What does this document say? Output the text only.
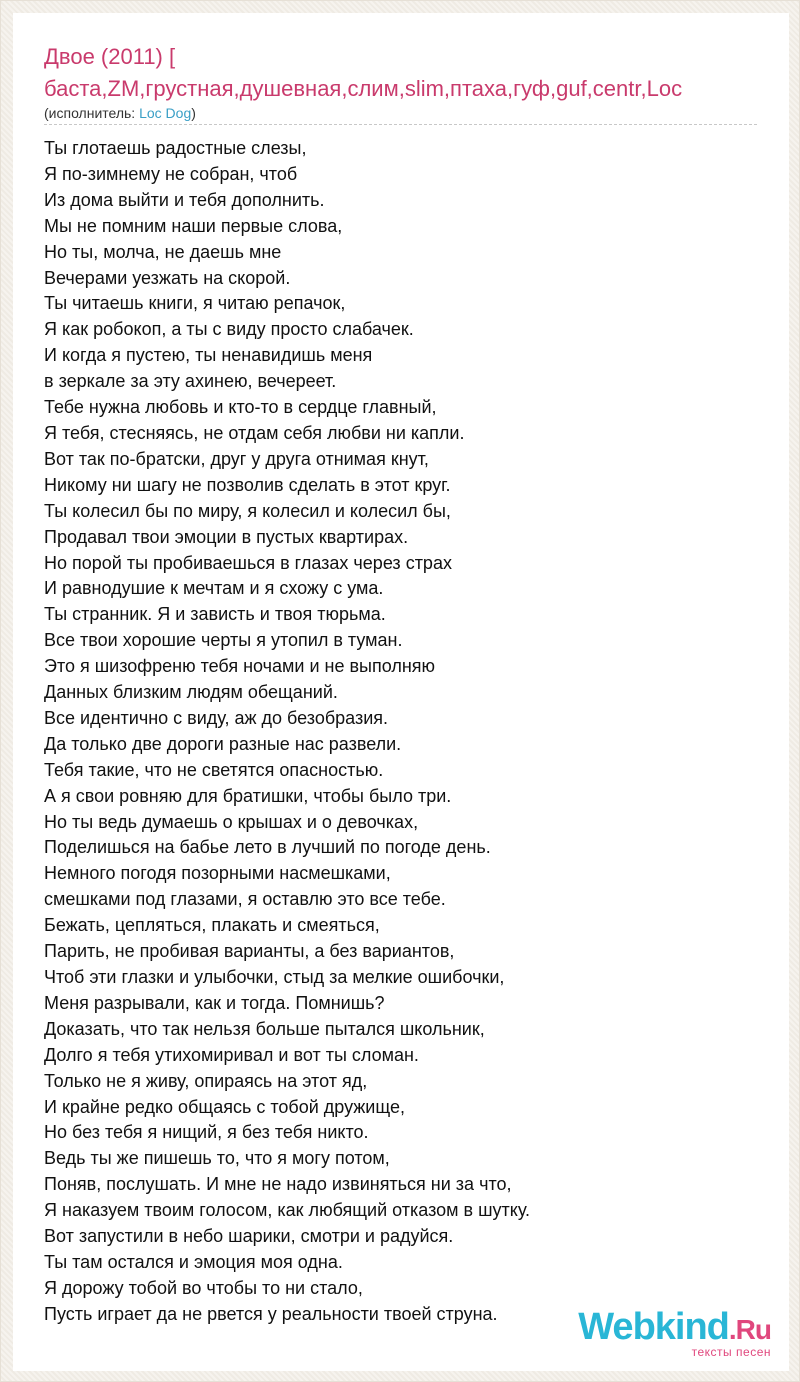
Двое (2011) [
баста,ZM,грустная,душевная,слим,slim,птаха,гуф,guf,centr,Loc
(исполнитель: Loc Dog)
Ты глотаешь радостные слезы,
Я по-зимнему не собран, чтоб
Из дома выйти и тебя дополнить.
Мы не помним наши первые слова,
Но ты, молча, не даешь мне
Вечерами уезжать на скорой.
Ты читаешь книги, я читаю репачок,
Я как робокоп, а ты с виду просто слабачек.
И когда я пустею, ты ненавидишь меня
в зеркале за эту ахинею, вечереет.
Тебе нужна любовь и кто-то в сердце главный,
Я тебя, стесняясь, не отдам себя любви ни капли.
Вот так по-братски, друг у друга отнимая кнут,
Никому ни шагу не позволив сделать в этот круг.
Ты колесил бы по миру, я колесил и колесил бы,
Продавал твои эмоции в пустых квартирах.
Но порой ты пробиваешься в глазах через страх
И равнодушие к мечтам и я схожу с ума.
Ты странник. Я и зависть и твоя тюрьма.
Все твои хорошие черты я утопил в туман.
Это я шизофреню тебя ночами и не выполняю
Данных близким людям обещаний.
Все идентично с виду, аж до безобразия.
Да только две дороги разные нас развели.
Тебя такие, что не светятся опасностью.
А я свои ровняю для братишки, чтобы было три.
Но ты ведь думаешь о крышах и о девочках,
Поделишься на бабье лето в лучший по погоде день.
Немного погодя позорными насмешками,
смешками под глазами, я оставлю это все тебе.
Бежать, цепляться, плакать и смеяться,
Парить, не пробивая варианты, а без вариантов,
Чтоб эти глазки и улыбочки, стыд за мелкие ошибочки,
Меня разрывали, как и тогда. Помнишь?
Доказать, что так нельзя больше пытался школьник,
Долго я тебя утихомиривал и вот ты сломан.
Только не я живу, опираясь на этот яд,
И крайне редко общаясь с тобой дружище,
Но без тебя я нищий, я без тебя никто.
Ведь ты же пишешь то, что я могу потом,
Поняв, послушать. И мне не надо извиняться ни за что,
Я наказуем твоим голосом, как любящий отказом в шутку.
Вот запустили в небо шарики, смотри и радуйся.
Ты там остался и эмоция моя одна.
Я дорожу тобой во чтобы то ни стало,
Пусть играет да не рвется у реальности твоей струна.	Webkind.Ru
тексты песен
